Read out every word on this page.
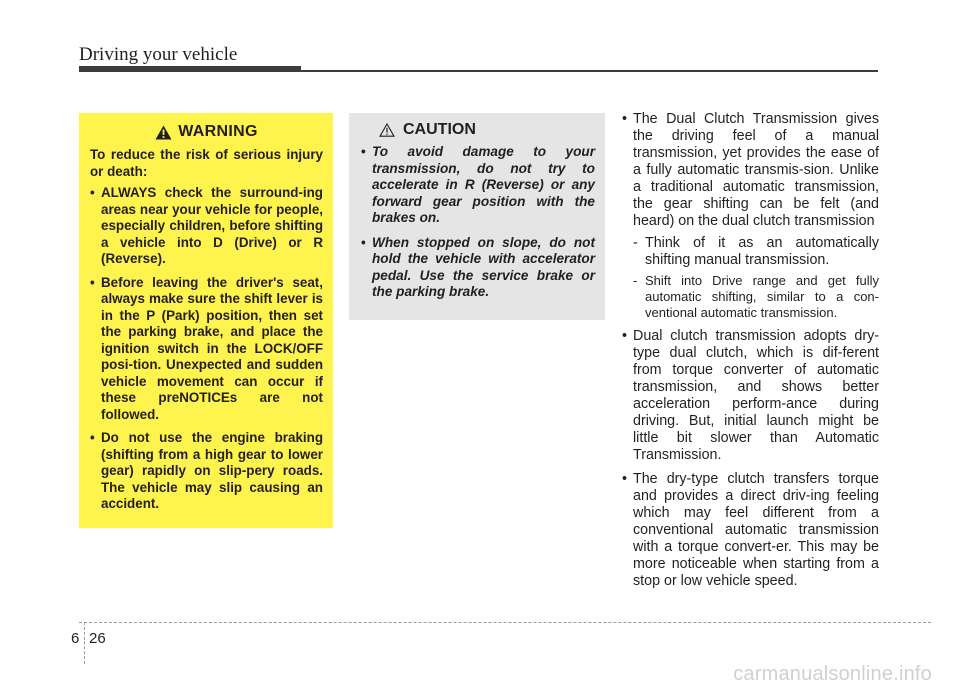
Driving your vehicle
WARNING
To reduce the risk of serious injury or death:
• ALWAYS check the surround-ing areas near your vehicle for people, especially children, before shifting a vehicle into D (Drive) or R (Reverse).
• Before leaving the driver's seat, always make sure the shift lever is in the P (Park) position, then set the parking brake, and place the ignition switch in the LOCK/OFF posi-tion. Unexpected and sudden vehicle movement can occur if these preNOTICEs are not followed.
• Do not use the engine braking (shifting from a high gear to lower gear) rapidly on slip-pery roads. The vehicle may slip causing an accident.
CAUTION
• To avoid damage to your transmission, do not try to accelerate in R (Reverse) or any forward gear position with the brakes on.
• When stopped on slope, do not hold the vehicle with accelerator pedal. Use the service brake or the parking brake.
• The Dual Clutch Transmission gives the driving feel of a manual transmission, yet provides the ease of a fully automatic transmis-sion. Unlike a traditional automatic transmission, the gear shifting can be felt (and heard) on the dual clutch transmission
- Think of it as an automatically shifting manual transmission.
- Shift into Drive range and get fully automatic shifting, similar to a con-ventional automatic transmission.
• Dual clutch transmission adopts dry-type dual clutch, which is dif-ferent from torque converter of automatic transmission, and shows better acceleration perform-ance during driving. But, initial launch might be little bit slower than Automatic Transmission.
• The dry-type clutch transfers torque and provides a direct driv-ing feeling which may feel different from a conventional automatic transmission with a torque convert-er. This may be more noticeable when starting from a stop or low vehicle speed.
6 26
carmanualsonline.info
